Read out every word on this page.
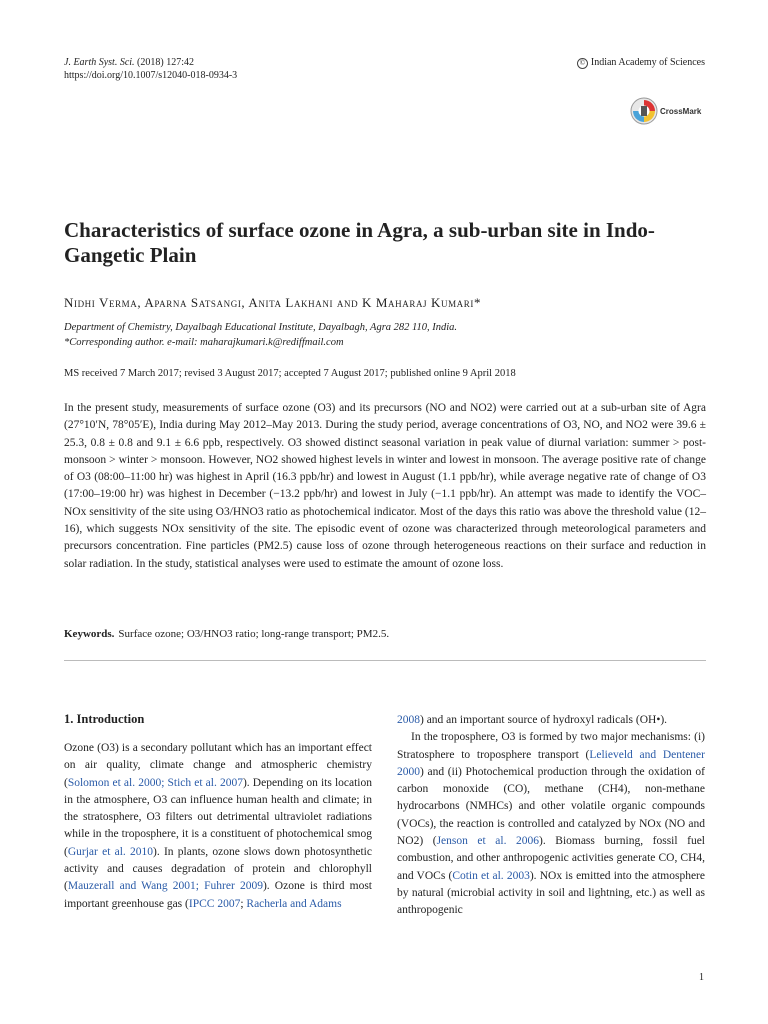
J. Earth Syst. Sci. (2018) 127:42
https://doi.org/10.1007/s12040-018-0934-3
© Indian Academy of Sciences
CrossMark
Characteristics of surface ozone in Agra, a sub-urban site in Indo-Gangetic Plain
Nidhi Verma, Aparna Satsangi, Anita Lakhani and K Maharaj Kumari*
Department of Chemistry, Dayalbagh Educational Institute, Dayalbagh, Agra 282 110, India.
*Corresponding author. e-mail: maharajkumari.k@rediffmail.com
MS received 7 March 2017; revised 3 August 2017; accepted 7 August 2017; published online 9 April 2018

In the present study, measurements of surface ozone (O3) and its precursors (NO and NO2) were carried out at a sub-urban site of Agra (27°10′N, 78°05′E), India during May 2012–May 2013. During the study period, average concentrations of O3, NO, and NO2 were 39.6 ± 25.3, 0.8 ± 0.8 and 9.1 ± 6.6 ppb, respectively. O3 showed distinct seasonal variation in peak value of diurnal variation: summer > post-monsoon > winter > monsoon. However, NO2 showed highest levels in winter and lowest in monsoon. The average positive rate of change of O3 (08:00–11:00 hr) was highest in April (16.3 ppb/hr) and lowest in August (1.1 ppb/hr), while average negative rate of change of O3 (17:00–19:00 hr) was highest in December (−13.2 ppb/hr) and lowest in July (−1.1 ppb/hr). An attempt was made to identify the VOC–NOx sensitivity of the site using O3/HNO3 ratio as photochemical indicator. Most of the days this ratio was above the threshold value (12–16), which suggests NOx sensitivity of the site. The episodic event of ozone was characterized through meteorological parameters and precursors concentration. Fine particles (PM2.5) cause loss of ozone through heterogeneous reactions on their surface and reduction in solar radiation. In the study, statistical analyses were used to estimate the amount of ozone loss.

Keywords. Surface ozone; O3/HNO3 ratio; long-range transport; PM2.5.
1. Introduction

Ozone (O3) is a secondary pollutant which has an important effect on air quality, climate change and atmospheric chemistry (Solomon et al. 2000; Stich et al. 2007). Depending on its location in the atmosphere, O3 can influence human health and climate; in the stratosphere, O3 filters out detrimental ultraviolet radiations while in the troposphere, it is a constituent of photochemical smog (Gurjar et al. 2010). In plants, ozone slows down photosynthetic activity and causes degradation of protein and chlorophyll (Mauzerall and Wang 2001; Fuhrer 2009). Ozone is third most important greenhouse gas (IPCC 2007; Racherla and Adams

2008) and an important source of hydroxyl radicals (OH•).

In the troposphere, O3 is formed by two major mechanisms: (i) Stratosphere to troposphere transport (Lelieveld and Dentener 2000) and (ii) Photochemical production through the oxidation of carbon monoxide (CO), methane (CH4), non-methane hydrocarbons (NMHCs) and other volatile organic compounds (VOCs), the reaction is controlled and catalyzed by NOx (NO and NO2) (Jenson et al. 2006). Biomass burning, fossil fuel combustion, and other anthropogenic activities generate CO, CH4, and VOCs (Cotin et al. 2003). NOx is emitted into the atmosphere by natural (microbial activity in soil and lightning, etc.) as well as anthropogenic

1
